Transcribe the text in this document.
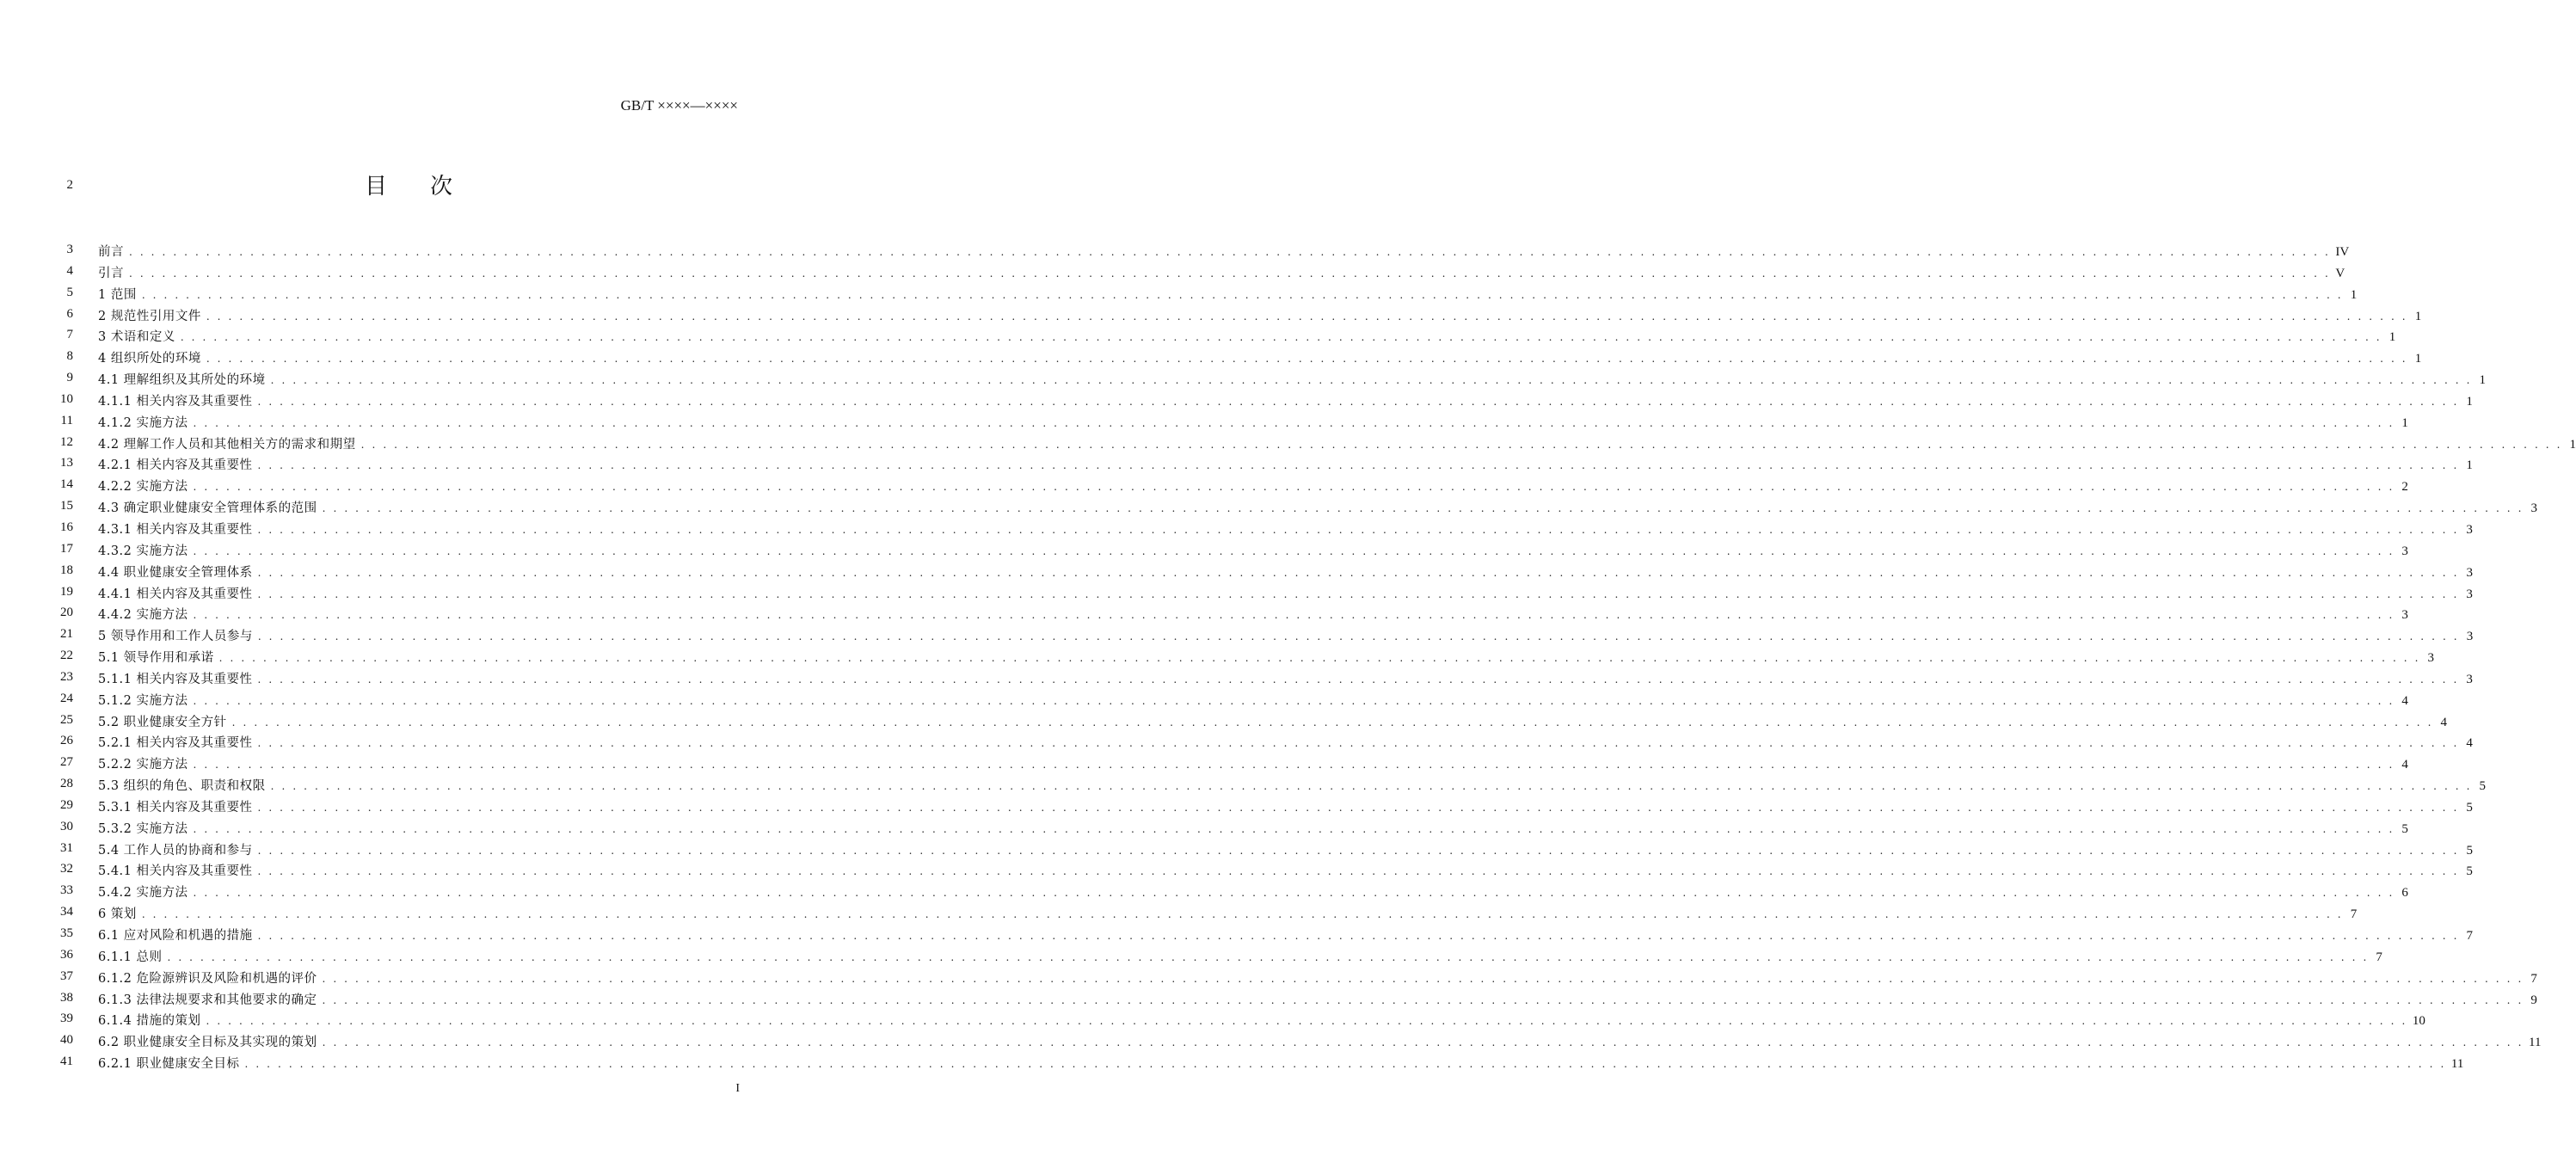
GB/T ××××—××××
2	目次
3 前言 . . . . . . . . . . . . . . . . . . . . . . . . . . . . . . . . . . . . . . . . . . . . . . . . . . . . . . . . . . . . . . . . . . . . . . . . . . . . . . . . . . . . . . . . . . . . . . . . . . . . . . . . . . . . . . . . . . . . . . . . . . . . . . . . . . . . . . . . . . . . . . . . . . . . . . . . . . . . . . . . . . . . . . . . . . . . . . . . . . . . . . . . . . . . . . . . . . . . . . . . IV
4 引言 . . . . . . . . . . . . . . . . . . . . . . . . . . . . . . . . . . . . . . . . . . . . . . . . . . . . . . . . . . . . . . . . . . . . . . . . . . . . . . . . . . . . . . . . . . . . . . . . . . . . . . . . . . . . . . . . . . . . . . . . . . . . . . . . . . . . . . . . . . . . . . . . . . . . . . . . . . . . . . . . . . . . . . . . . . . . . . . . . . . . . . . . . . . . . . . . . . . . . . . . V
5 1 范围 . . . . . . . . . . . . . . . . . . . . . . . . . . . . . . . . . . . . . . . . . . . . . . . . . . . . . . . . . . . . . . . . . . . . . . . . . . . . . . . . . . . . . . . . . . . . . . . . . . . . . . . . . . . . . . . . . . . . . . . . . . . . . . . . . . . . . . . . . . . . . . . . . . . . . . . . . . . . . . . . . . . . . . . . . . . . . . . . . . . . . . . . . . . . . . . . . . . . . . . . 1
6 2 规范性引用文件 . . . . . . . . . . . . . . . . . . . . . . . . . . . . . . . . . . . . . . . . . . . . . . . . . . . . . . . . . . . . . . . . . . . . . . . . . . . . . . . . . . . . . . . . . . . . . . . . . . . . . . . . . . . . . . . . . . . . . . . . . . . . . . . . . . . . . . . . . . . . . . . . . . . . . . . . . . . . . . . . . . . . . . . . . . . . . . . . . . . . . . . . . . . . . . . . . . . . . . . . 1
7 3 术语和定义 . . . . . . . . . . . . . . . . . . . . . . . . . . . . . . . . . . . . . . . . . . . . . . . . . . . . . . . . . . . . . . . . . . . . . . . . . . . . . . . . . . . . . . . . . . . . . . . . . . . . . . . . . . . . . . . . . . . . . . . . . . . . . . . . . . . . . . . . . . . . . . . . . . . . . . . . . . . . . . . . . . . . . . . . . . . . . . . . . . . . . . . . . . . . . . . . . . . . . . . . 1
8 4 组织所处的环境 . . . . . . . . . . . . . . . . . . . . . . . . . . . . . . . . . . . . . . . . . . . . . . . . . . . . . . . . . . . . . . . . . . . . . . . . . . . . . . . . . . . . . . . . . . . . . . . . . . . . . . . . . . . . . . . . . . . . . . . . . . . . . . . . . . . . . . . . . . . . . . . . . . . . . . . . . . . . . . . . . . . . . . . . . . . . . . . . . . . . . . . . . . . . . . . . . . . . . . . . 1
9 4.1 理解组织及其所处的环境 . . . . . . . . . . . . . . . . . . . . . . . . . . . . . . . . . . . . . . . . . . . . . . . . . . . . . . . . . . . . . . . . . . . . . . . . . . . . . . . . . . . . . . . . . . . . . . . . . . . . . . . . . . . . . . . . . . . . . . . . . . . . . . . . . . . . . . . . . . . . . . . . . . . . . . . . . . . . . . . . . . . . . . . . . . . . . . . . . . . . . . . . . . . . . . . . . . . . . . . . 1
10 4.1.1 相关内容及其重要性 . . . . . . . . . . . . . . . . . . . . . . . . . . . . . . . . . . . . . . . . . . . . . . . . . . . . . . . . . . . . . . . . . . . . . . . . . . . . . . . . . . . . . . . . . . . . . . . . . . . . . . . . . . . . . . . . . . . . . . . . . . . . . . . . . . . . . . . . . . . . . . . . . . . . . . . . . . . . . . . . . . . . . . . . . . . . . . . . . . . . . . . . . . . . . . . . . . . . . . . . 1
11 4.1.2 实施方法 . . . . . . . . . . . . . . . . . . . . . . . . . . . . . . . . . . . . . . . . . . . . . . . . . . . . . . . . . . . . . . . . . . . . . . . . . . . . . . . . . . . . . . . . . . . . . . . . . . . . . . . . . . . . . . . . . . . . . . . . . . . . . . . . . . . . . . . . . . . . . . . . . . . . . . . . . . . . . . . . . . . . . . . . . . . . . . . . . . . . . . . . . . . . . . . . . . . . . . . . 1
12 4.2 理解工作人员和其他相关方的需求和期望 . . . . . . . . . . . . . . . . . . . . . . . . . . . . . . . . . . . . . . . . . . . . . . . . . . . . . . . . . . . . . . . . . . . . . . . . . . . . . . . . . . . . . . . . . . . . . . . . . . . . . . . . . . . . . . . . . . . . . . . . . . . . . . . . . . . . . . . . . . . . . . . . . . . . . . . . . . . . . . . . . . . . . . . . . . . . . . . . . . . . . . . . . . . . . . . . . . . . . . . . 1
13 4.2.1 相关内容及其重要性 . . . . . . . . . . . . . . . . . . . . . . . . . . . . . . . . . . . . . . . . . . . . . . . . . . . . . . . . . . . . . . . . . . . . . . . . . . . . . . . . . . . . . . . . . . . . . . . . . . . . . . . . . . . . . . . . . . . . . . . . . . . . . . . . . . . . . . . . . . . . . . . . . . . . . . . . . . . . . . . . . . . . . . . . . . . . . . . . . . . . . . . . . . . . . . . . . . . . . . . . 1
14 4.2.2 实施方法 . . . . . . . . . . . . . . . . . . . . . . . . . . . . . . . . . . . . . . . . . . . . . . . . . . . . . . . . . . . . . . . . . . . . . . . . . . . . . . . . . . . . . . . . . . . . . . . . . . . . . . . . . . . . . . . . . . . . . . . . . . . . . . . . . . . . . . . . . . . . . . . . . . . . . . . . . . . . . . . . . . . . . . . . . . . . . . . . . . . . . . . . . . . . . . . . . . . . . . . . 2
15 4.3 确定职业健康安全管理体系的范围 . . . . . . . . . . . . . . . . . . . . . . . . . . . . . . . . . . . . . . . . . . . . . . . . . . . . . . . . . . . . . . . . . . . . . . . . . . . . . . . . . . . . . . . . . . . . . . . . . . . . . . . . . . . . . . . . . . . . . . . . . . . . . . . . . . . . . . . . . . . . . . . . . . . . . . . . . . . . . . . . . . . . . . . . . . . . . . . . . . . . . . . . . . . . . . . . . . . . . . . . 3
16 4.3.1 相关内容及其重要性 . . . . . . . . . . . . . . . . . . . . . . . . . . . . . . . . . . . . . . . . . . . . . . . . . . . . . . . . . . . . . . . . . . . . . . . . . . . . . . . . . . . . . . . . . . . . . . . . . . . . . . . . . . . . . . . . . . . . . . . . . . . . . . . . . . . . . . . . . . . . . . . . . . . . . . . . . . . . . . . . . . . . . . . . . . . . . . . . . . . . . . . . . . . . . . . . . . . . . . . . 3
17 4.3.2 实施方法 . . . . . . . . . . . . . . . . . . . . . . . . . . . . . . . . . . . . . . . . . . . . . . . . . . . . . . . . . . . . . . . . . . . . . . . . . . . . . . . . . . . . . . . . . . . . . . . . . . . . . . . . . . . . . . . . . . . . . . . . . . . . . . . . . . . . . . . . . . . . . . . . . . . . . . . . . . . . . . . . . . . . . . . . . . . . . . . . . . . . . . . . . . . . . . . . . . . . . . . . 3
18 4.4 职业健康安全管理体系 . . . . . . . . . . . . . . . . . . . . . . . . . . . . . . . . . . . . . . . . . . . . . . . . . . . . . . . . . . . . . . . . . . . . . . . . . . . . . . . . . . . . . . . . . . . . . . . . . . . . . . . . . . . . . . . . . . . . . . . . . . . . . . . . . . . . . . . . . . . . . . . . . . . . . . . . . . . . . . . . . . . . . . . . . . . . . . . . . . . . . . . . . . . . . . . . . . . . . . . . 3
19 4.4.1 相关内容及其重要性 . . . . . . . . . . . . . . . . . . . . . . . . . . . . . . . . . . . . . . . . . . . . . . . . . . . . . . . . . . . . . . . . . . . . . . . . . . . . . . . . . . . . . . . . . . . . . . . . . . . . . . . . . . . . . . . . . . . . . . . . . . . . . . . . . . . . . . . . . . . . . . . . . . . . . . . . . . . . . . . . . . . . . . . . . . . . . . . . . . . . . . . . . . . . . . . . . . . . . . . . 3
20 4.4.2 实施方法 . . . . . . . . . . . . . . . . . . . . . . . . . . . . . . . . . . . . . . . . . . . . . . . . . . . . . . . . . . . . . . . . . . . . . . . . . . . . . . . . . . . . . . . . . . . . . . . . . . . . . . . . . . . . . . . . . . . . . . . . . . . . . . . . . . . . . . . . . . . . . . . . . . . . . . . . . . . . . . . . . . . . . . . . . . . . . . . . . . . . . . . . . . . . . . . . . . . . . . . . 3
21 5 领导作用和工作人员参与 . . . . . . . . . . . . . . . . . . . . . . . . . . . . . . . . . . . . . . . . . . . . . . . . . . . . . . . . . . . . . . . . . . . . . . . . . . . . . . . . . . . . . . . . . . . . . . . . . . . . . . . . . . . . . . . . . . . . . . . . . . . . . . . . . . . . . . . . . . . . . . . . . . . . . . . . . . . . . . . . . . . . . . . . . . . . . . . . . . . . . . . . . . . . . . . . . . . . . . . . 3
22 5.1 领导作用和承诺 . . . . . . . . . . . . . . . . . . . . . . . . . . . . . . . . . . . . . . . . . . . . . . . . . . . . . . . . . . . . . . . . . . . . . . . . . . . . . . . . . . . . . . . . . . . . . . . . . . . . . . . . . . . . . . . . . . . . . . . . . . . . . . . . . . . . . . . . . . . . . . . . . . . . . . . . . . . . . . . . . . . . . . . . . . . . . . . . . . . . . . . . . . . . . . . . . . . . . . . . 3
23 5.1.1 相关内容及其重要性 . . . . . . . . . . . . . . . . . . . . . . . . . . . . . . . . . . . . . . . . . . . . . . . . . . . . . . . . . . . . . . . . . . . . . . . . . . . . . . . . . . . . . . . . . . . . . . . . . . . . . . . . . . . . . . . . . . . . . . . . . . . . . . . . . . . . . . . . . . . . . . . . . . . . . . . . . . . . . . . . . . . . . . . . . . . . . . . . . . . . . . . . . . . . . . . . . . . . . . . . 3
24 5.1.2 实施方法 . . . . . . . . . . . . . . . . . . . . . . . . . . . . . . . . . . . . . . . . . . . . . . . . . . . . . . . . . . . . . . . . . . . . . . . . . . . . . . . . . . . . . . . . . . . . . . . . . . . . . . . . . . . . . . . . . . . . . . . . . . . . . . . . . . . . . . . . . . . . . . . . . . . . . . . . . . . . . . . . . . . . . . . . . . . . . . . . . . . . . . . . . . . . . . . . . . . . . . . . 4
25 5.2 职业健康安全方针 . . . . . . . . . . . . . . . . . . . . . . . . . . . . . . . . . . . . . . . . . . . . . . . . . . . . . . . . . . . . . . . . . . . . . . . . . . . . . . . . . . . . . . . . . . . . . . . . . . . . . . . . . . . . . . . . . . . . . . . . . . . . . . . . . . . . . . . . . . . . . . . . . . . . . . . . . . . . . . . . . . . . . . . . . . . . . . . . . . . . . . . . . . . . . . . . . . . . . . . . 4
26 5.2.1 相关内容及其重要性 . . . . . . . . . . . . . . . . . . . . . . . . . . . . . . . . . . . . . . . . . . . . . . . . . . . . . . . . . . . . . . . . . . . . . . . . . . . . . . . . . . . . . . . . . . . . . . . . . . . . . . . . . . . . . . . . . . . . . . . . . . . . . . . . . . . . . . . . . . . . . . . . . . . . . . . . . . . . . . . . . . . . . . . . . . . . . . . . . . . . . . . . . . . . . . . . . . . . . . . . 4
27 5.2.2 实施方法 . . . . . . . . . . . . . . . . . . . . . . . . . . . . . . . . . . . . . . . . . . . . . . . . . . . . . . . . . . . . . . . . . . . . . . . . . . . . . . . . . . . . . . . . . . . . . . . . . . . . . . . . . . . . . . . . . . . . . . . . . . . . . . . . . . . . . . . . . . . . . . . . . . . . . . . . . . . . . . . . . . . . . . . . . . . . . . . . . . . . . . . . . . . . . . . . . . . . . . . . 4
28 5.3 组织的角色、职责和权限 . . . . . . . . . . . . . . . . . . . . . . . . . . . . . . . . . . . . . . . . . . . . . . . . . . . . . . . . . . . . . . . . . . . . . . . . . . . . . . . . . . . . . . . . . . . . . . . . . . . . . . . . . . . . . . . . . . . . . . . . . . . . . . . . . . . . . . . . . . . . . . . . . . . . . . . . . . . . . . . . . . . . . . . . . . . . . . . . . . . . . . . . . . . . . . . . . . . . . . . . 5
29 5.3.1 相关内容及其重要性 . . . . . . . . . . . . . . . . . . . . . . . . . . . . . . . . . . . . . . . . . . . . . . . . . . . . . . . . . . . . . . . . . . . . . . . . . . . . . . . . . . . . . . . . . . . . . . . . . . . . . . . . . . . . . . . . . . . . . . . . . . . . . . . . . . . . . . . . . . . . . . . . . . . . . . . . . . . . . . . . . . . . . . . . . . . . . . . . . . . . . . . . . . . . . . . . . . . . . . . . 5
30 5.3.2 实施方法 . . . . . . . . . . . . . . . . . . . . . . . . . . . . . . . . . . . . . . . . . . . . . . . . . . . . . . . . . . . . . . . . . . . . . . . . . . . . . . . . . . . . . . . . . . . . . . . . . . . . . . . . . . . . . . . . . . . . . . . . . . . . . . . . . . . . . . . . . . . . . . . . . . . . . . . . . . . . . . . . . . . . . . . . . . . . . . . . . . . . . . . . . . . . . . . . . . . . . . . . 5
31 5.4 工作人员的协商和参与 . . . . . . . . . . . . . . . . . . . . . . . . . . . . . . . . . . . . . . . . . . . . . . . . . . . . . . . . . . . . . . . . . . . . . . . . . . . . . . . . . . . . . . . . . . . . . . . . . . . . . . . . . . . . . . . . . . . . . . . . . . . . . . . . . . . . . . . . . . . . . . . . . . . . . . . . . . . . . . . . . . . . . . . . . . . . . . . . . . . . . . . . . . . . . . . . . . . . . . . . 5
32 5.4.1 相关内容及其重要性 . . . . . . . . . . . . . . . . . . . . . . . . . . . . . . . . . . . . . . . . . . . . . . . . . . . . . . . . . . . . . . . . . . . . . . . . . . . . . . . . . . . . . . . . . . . . . . . . . . . . . . . . . . . . . . . . . . . . . . . . . . . . . . . . . . . . . . . . . . . . . . . . . . . . . . . . . . . . . . . . . . . . . . . . . . . . . . . . . . . . . . . . . . . . . . . . . . . . . . . . 5
33 5.4.2 实施方法 . . . . . . . . . . . . . . . . . . . . . . . . . . . . . . . . . . . . . . . . . . . . . . . . . . . . . . . . . . . . . . . . . . . . . . . . . . . . . . . . . . . . . . . . . . . . . . . . . . . . . . . . . . . . . . . . . . . . . . . . . . . . . . . . . . . . . . . . . . . . . . . . . . . . . . . . . . . . . . . . . . . . . . . . . . . . . . . . . . . . . . . . . . . . . . . . . . . . . . . . 6
34 6 策划 . . . . . . . . . . . . . . . . . . . . . . . . . . . . . . . . . . . . . . . . . . . . . . . . . . . . . . . . . . . . . . . . . . . . . . . . . . . . . . . . . . . . . . . . . . . . . . . . . . . . . . . . . . . . . . . . . . . . . . . . . . . . . . . . . . . . . . . . . . . . . . . . . . . . . . . . . . . . . . . . . . . . . . . . . . . . . . . . . . . . . . . . . . . . . . . . . . . . . . . . 7
35 6.1 应对风险和机遇的措施 . . . . . . . . . . . . . . . . . . . . . . . . . . . . . . . . . . . . . . . . . . . . . . . . . . . . . . . . . . . . . . . . . . . . . . . . . . . . . . . . . . . . . . . . . . . . . . . . . . . . . . . . . . . . . . . . . . . . . . . . . . . . . . . . . . . . . . . . . . . . . . . . . . . . . . . . . . . . . . . . . . . . . . . . . . . . . . . . . . . . . . . . . . . . . . . . . . . . . . . . 7
36 6.1.1 总则 . . . . . . . . . . . . . . . . . . . . . . . . . . . . . . . . . . . . . . . . . . . . . . . . . . . . . . . . . . . . . . . . . . . . . . . . . . . . . . . . . . . . . . . . . . . . . . . . . . . . . . . . . . . . . . . . . . . . . . . . . . . . . . . . . . . . . . . . . . . . . . . . . . . . . . . . . . . . . . . . . . . . . . . . . . . . . . . . . . . . . . . . . . . . . . . . . . . . . . . . 7
37 6.1.2 危险源辨识及风险和机遇的评价 . . . . . . . . . . . . . . . . . . . . . . . . . . . . . . . . . . . . . . . . . . . . . . . . . . . . . . . . . . . . . . . . . . . . . . . . . . . . . . . . . . . . . . . . . . . . . . . . . . . . . . . . . . . . . . . . . . . . . . . . . . . . . . . . . . . . . . . . . . . . . . . . . . . . . . . . . . . . . . . . . . . . . . . . . . . . . . . . . . . . . . . . . . . . . . . . . . . . . . . . 7
38 6.1.3 法律法规要求和其他要求的确定 . . . . . . . . . . . . . . . . . . . . . . . . . . . . . . . . . . . . . . . . . . . . . . . . . . . . . . . . . . . . . . . . . . . . . . . . . . . . . . . . . . . . . . . . . . . . . . . . . . . . . . . . . . . . . . . . . . . . . . . . . . . . . . . . . . . . . . . . . . . . . . . . . . . . . . . . . . . . . . . . . . . . . . . . . . . . . . . . . . . . . . . . . . . . . . . . . . . . . . . . 9
39 6.1.4 措施的策划 . . . . . . . . . . . . . . . . . . . . . . . . . . . . . . . . . . . . . . . . . . . . . . . . . . . . . . . . . . . . . . . . . . . . . . . . . . . . . . . . . . . . . . . . . . . . . . . . . . . . . . . . . . . . . . . . . . . . . . . . . . . . . . . . . . . . . . . . . . . . . . . . . . . . . . . . . . . . . . . . . . . . . . . . . . . . . . . . . . . . . . . . . . . . . . . . . . . . . . . . 10
40 6.2 职业健康安全目标及其实现的策划 . . . . . . . . . . . . . . . . . . . . . . . . . . . . . . . . . . . . . . . . . . . . . . . . . . . . . . . . . . . . . . . . . . . . . . . . . . . . . . . . . . . . . . . . . . . . . . . . . . . . . . . . . . . . . . . . . . . . . . . . . . . . . . . . . . . . . . . . . . . . . . . . . . . . . . . . . . . . . . . . . . . . . . . . . . . . . . . . . . . . . . . . . . . . . . . . . . . . . . . . 11
41 6.2.1 职业健康安全目标 . . . . . . . . . . . . . . . . . . . . . . . . . . . . . . . . . . . . . . . . . . . . . . . . . . . . . . . . . . . . . . . . . . . . . . . . . . . . . . . . . . . . . . . . . . . . . . . . . . . . . . . . . . . . . . . . . . . . . . . . . . . . . . . . . . . . . . . . . . . . . . . . . . . . . . . . . . . . . . . . . . . . . . . . . . . . . . . . . . . . . . . . . . . . . . . . . . . . . . . . 11
I
